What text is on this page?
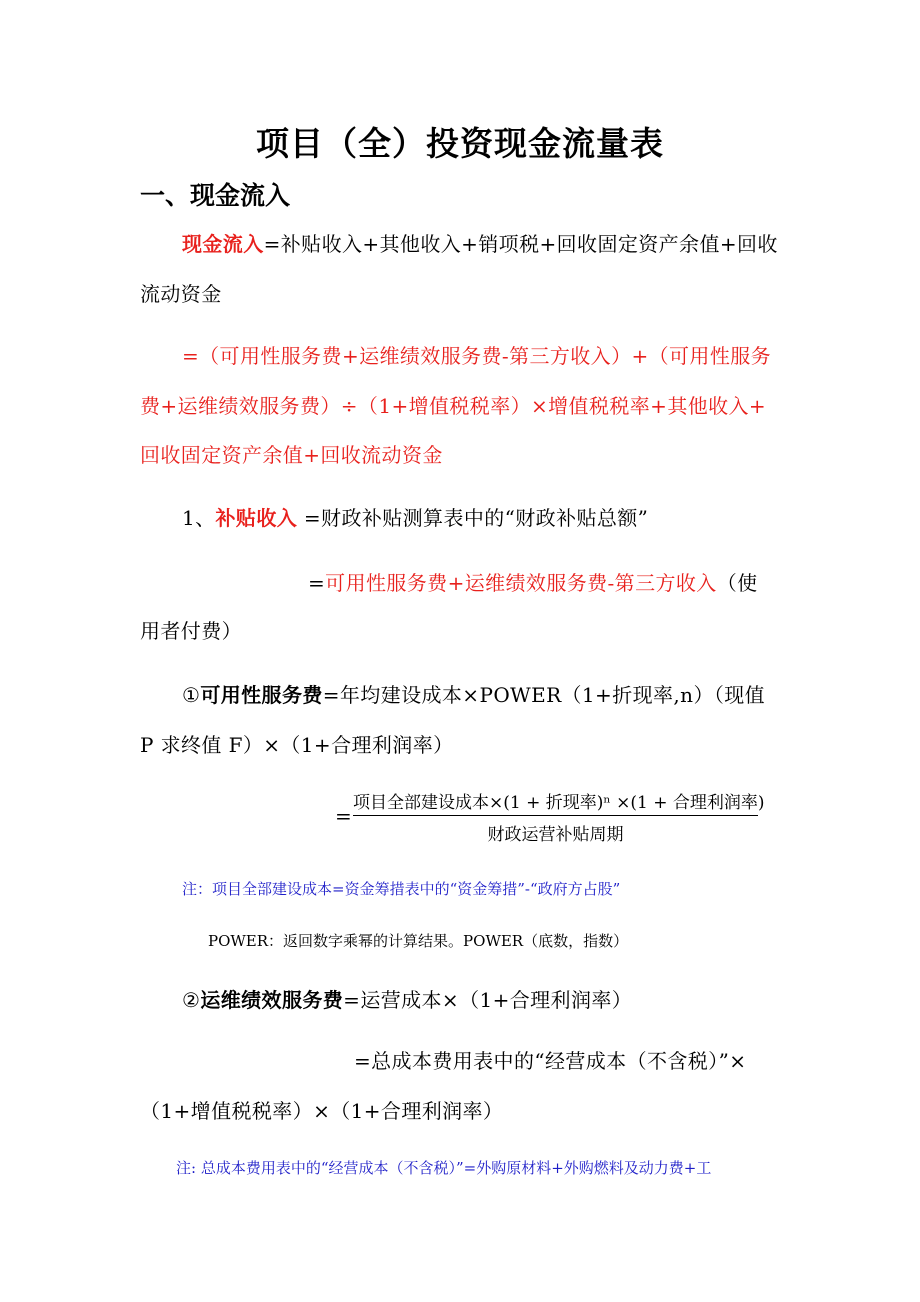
项目（全）投资现金流量表
一、现金流入
现金流入=补贴收入+其他收入+销项税+回收固定资产余值+回收
流动资金
=（可用性服务费+运维绩效服务费-第三方收入）+（可用性服务
费+运维绩效服务费）÷（1+增值税税率）×增值税税率+其他收入+
回收固定资产余值+回收流动资金
1、补贴收入 =财政补贴测算表中的“财政补贴总额”
=可用性服务费+运维绩效服务费-第三方收入（使
用者付费）
①可用性服务费=年均建设成本×POWER（1+折现率,n）（现值
P 求终值 F）×（1+合理利润率）
=
项目全部建设成本×(1 + 折现率)ⁿ ×(1 + 合理利润率)
财政运营补贴周期
注：项目全部建设成本=资金筹措表中的“资金筹措”-“政府方占股”
POWER：返回数字乘幂的计算结果。POWER（底数，指数）
②运维绩效服务费=运营成本×（1+合理利润率）
=总成本费用表中的“经营成本（不含税）”×
（1+增值税税率）×（1+合理利润率）
注: 总成本费用表中的“经营成本（不含税）”=外购原材料+外购燃料及动力费+工
